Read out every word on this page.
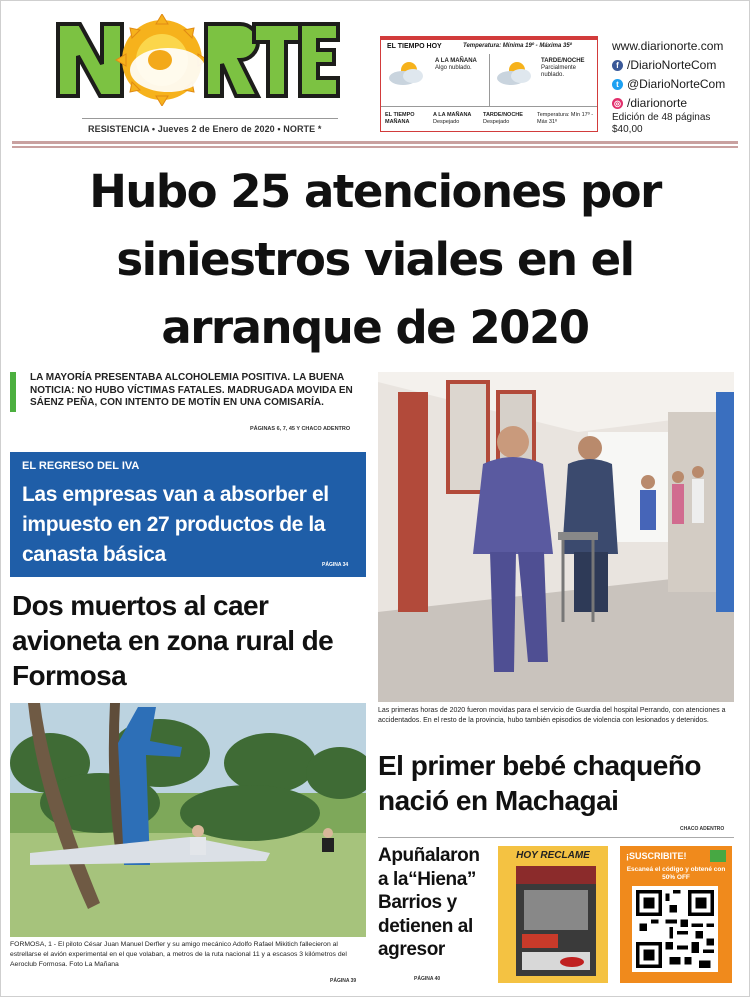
RESISTENCIA • Jueves 2 de Enero de 2020 • NORTE *
EL TIEMPO HOY	Temperatura: Mínima 19º - Máxima 35º
A LA MAÑANA
Algo nublado.
TARDE/NOCHE
Parcialmente nublado.
EL TIEMPO MAÑANA
A LA MAÑANA
Despejado
TARDE/NOCHE
Despejado
Temperatura: Mín 17º - Máx 31º
www.diarionorte.com
f /DiarioNorteCom
t @DiarioNorteCom
◎ /diarionorte
Edición de 48 páginas
$40,00
Hubo 25 atenciones por siniestros viales en el arranque de 2020
LA MAYORÍA PRESENTABA ALCOHOLEMIA POSITIVA. LA BUENA NOTICIA: NO HUBO VÍCTIMAS FATALES. MADRUGADA MOVIDA EN SÁENZ PEÑA, CON INTENTO DE MOTÍN EN UNA COMISARÍA.
PÁGINAS 6, 7, 45 Y CHACO ADENTRO
EL REGRESO DEL IVA
Las empresas van a absorber el impuesto en 27 productos de la canasta básica	PÁGINA 34
Dos muertos al caer avioneta en zona rural de Formosa
Las primeras horas de 2020 fueron movidas para el servicio de Guardia del hospital Perrando, con atenciones a accidentados. En el resto de la provincia, hubo también episodios de violencia con lesionados y detenidos.
FORMOSA, 1 - El piloto César Juan Manuel Derfler y su amigo mecánico Adolfo Rafael Mikitich fallecieron al estrellarse el avión experimental en el que volaban, a metros de la ruta nacional 11 y a escasos 3 kilómetros del Aeroclub Formosa. Foto La Mañana
PÁGINA 39
El primer bebé chaqueño nació en Machagai
CHACO ADENTRO
Apuñalaron a la“Hiena” Barrios y detienen al agresor
PÁGINA 40
HOY RECLAME	¡SUSCRIBITE!
Escaneá el código y obtené con 50% OFF
